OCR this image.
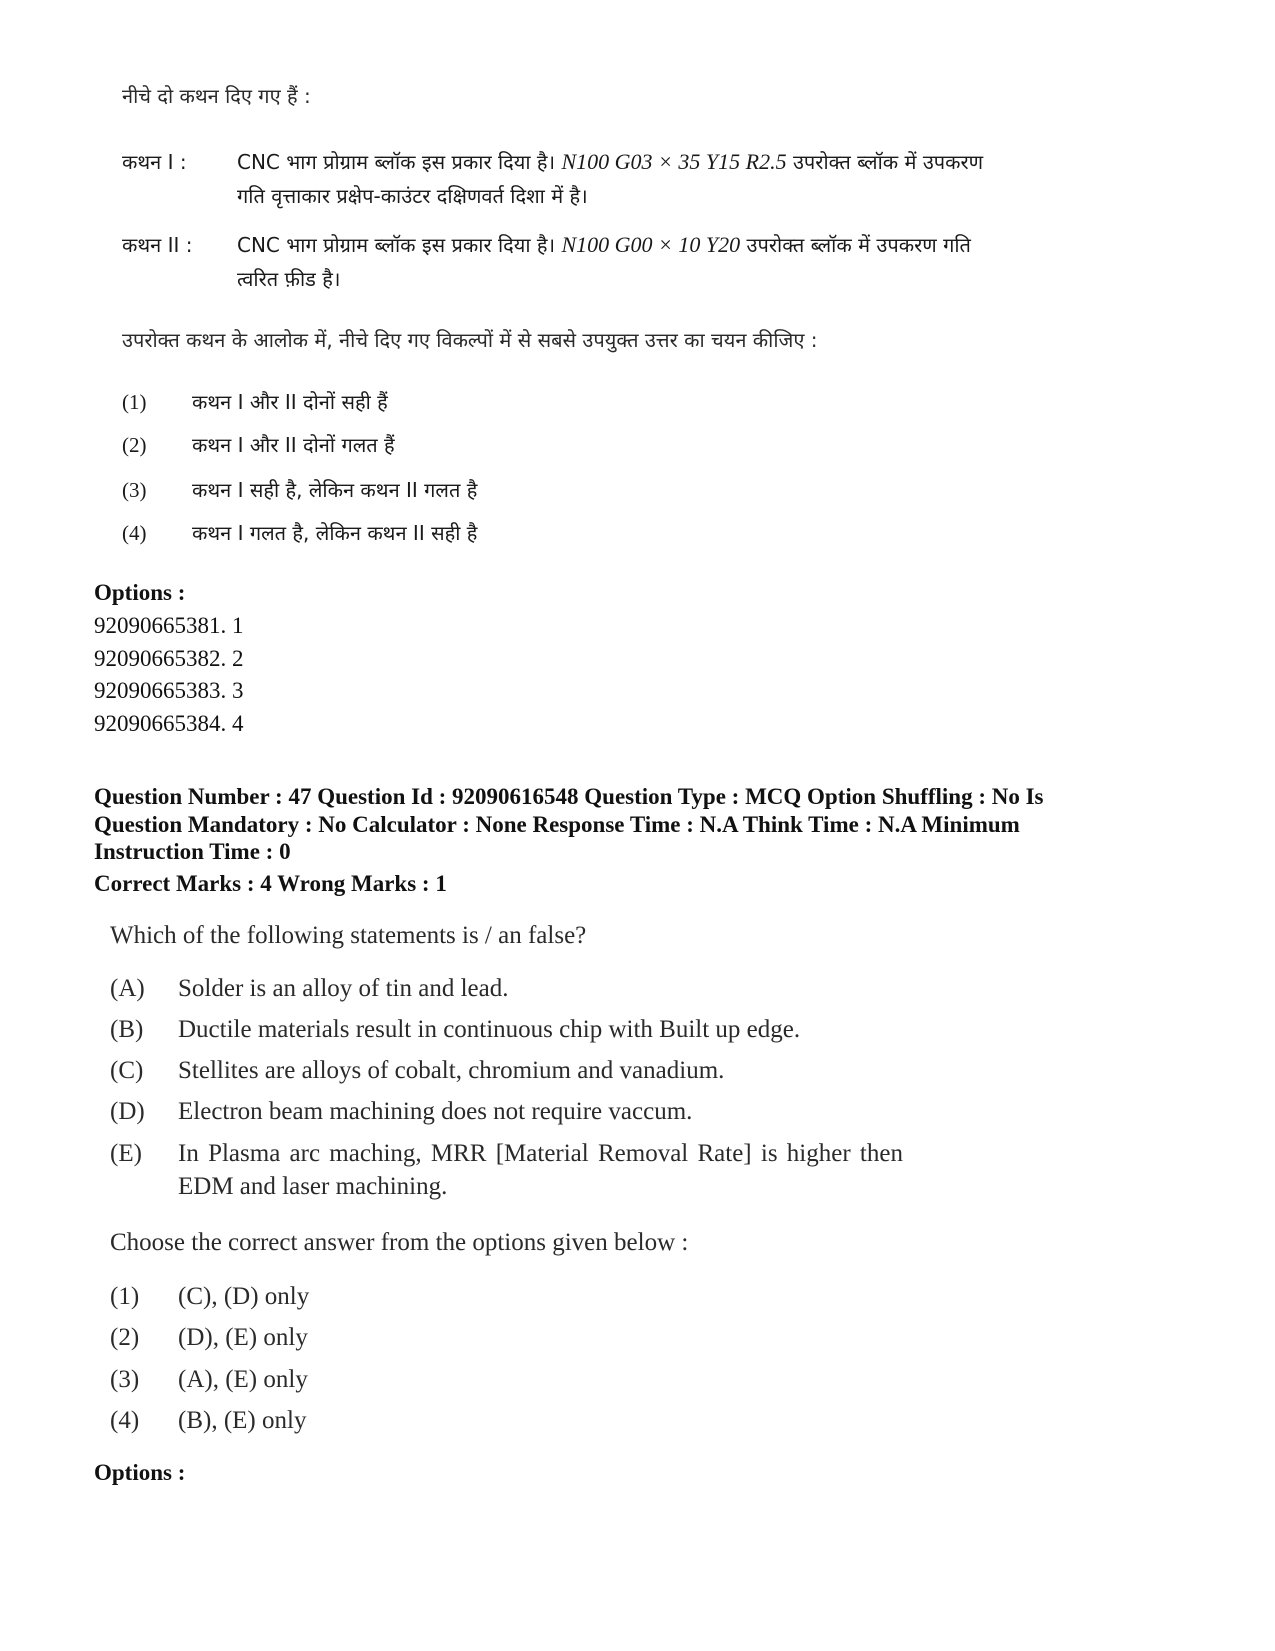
नीचे दो कथन दिए गए हैं :
कथन I :	CNC भाग प्रोग्राम ब्लॉक इस प्रकार दिया है। N100 G03 × 35 Y15 R2.5 उपरोक्त ब्लॉक में उपकरण
गति वृत्ताकार प्रक्षेप-काउंटर दक्षिणवर्त दिशा में है।
कथन II :	CNC भाग प्रोग्राम ब्लॉक इस प्रकार दिया है। N100 G00 × 10 Y20 उपरोक्त ब्लॉक में उपकरण गति
त्वरित फ़ीड है।
उपरोक्त कथन के आलोक में, नीचे दिए गए विकल्पों में से सबसे उपयुक्त उत्तर का चयन कीजिए :
(1) कथन I और II दोनों सही हैं
(2) कथन I और II दोनों गलत हैं
(3) कथन I सही है, लेकिन कथन II गलत है
(4) कथन I गलत है, लेकिन कथन II सही है
Options :
92090665381. 1
92090665382. 2
92090665383. 3
92090665384. 4
Question Number : 47 Question Id : 92090616548 Question Type : MCQ Option Shuffling : No Is
Question Mandatory : No Calculator : None Response Time : N.A Think Time : N.A Minimum
Instruction Time : 0
Correct Marks : 4 Wrong Marks : 1
Which of the following statements is / an false?
(A)	Solder is an alloy of tin and lead.
(B)	Ductile materials result in continuous chip with Built up edge.
(C)	Stellites are alloys of cobalt, chromium and vanadium.
(D)	Electron beam machining does not require vaccum.
(E)	In Plasma arc maching, MRR [Material Removal Rate] is higher then
EDM and laser machining.
Choose the correct answer from the options given below :
(1)	(C), (D) only
(2)	(D), (E) only
(3)	(A), (E) only
(4)	(B), (E) only
Options :
